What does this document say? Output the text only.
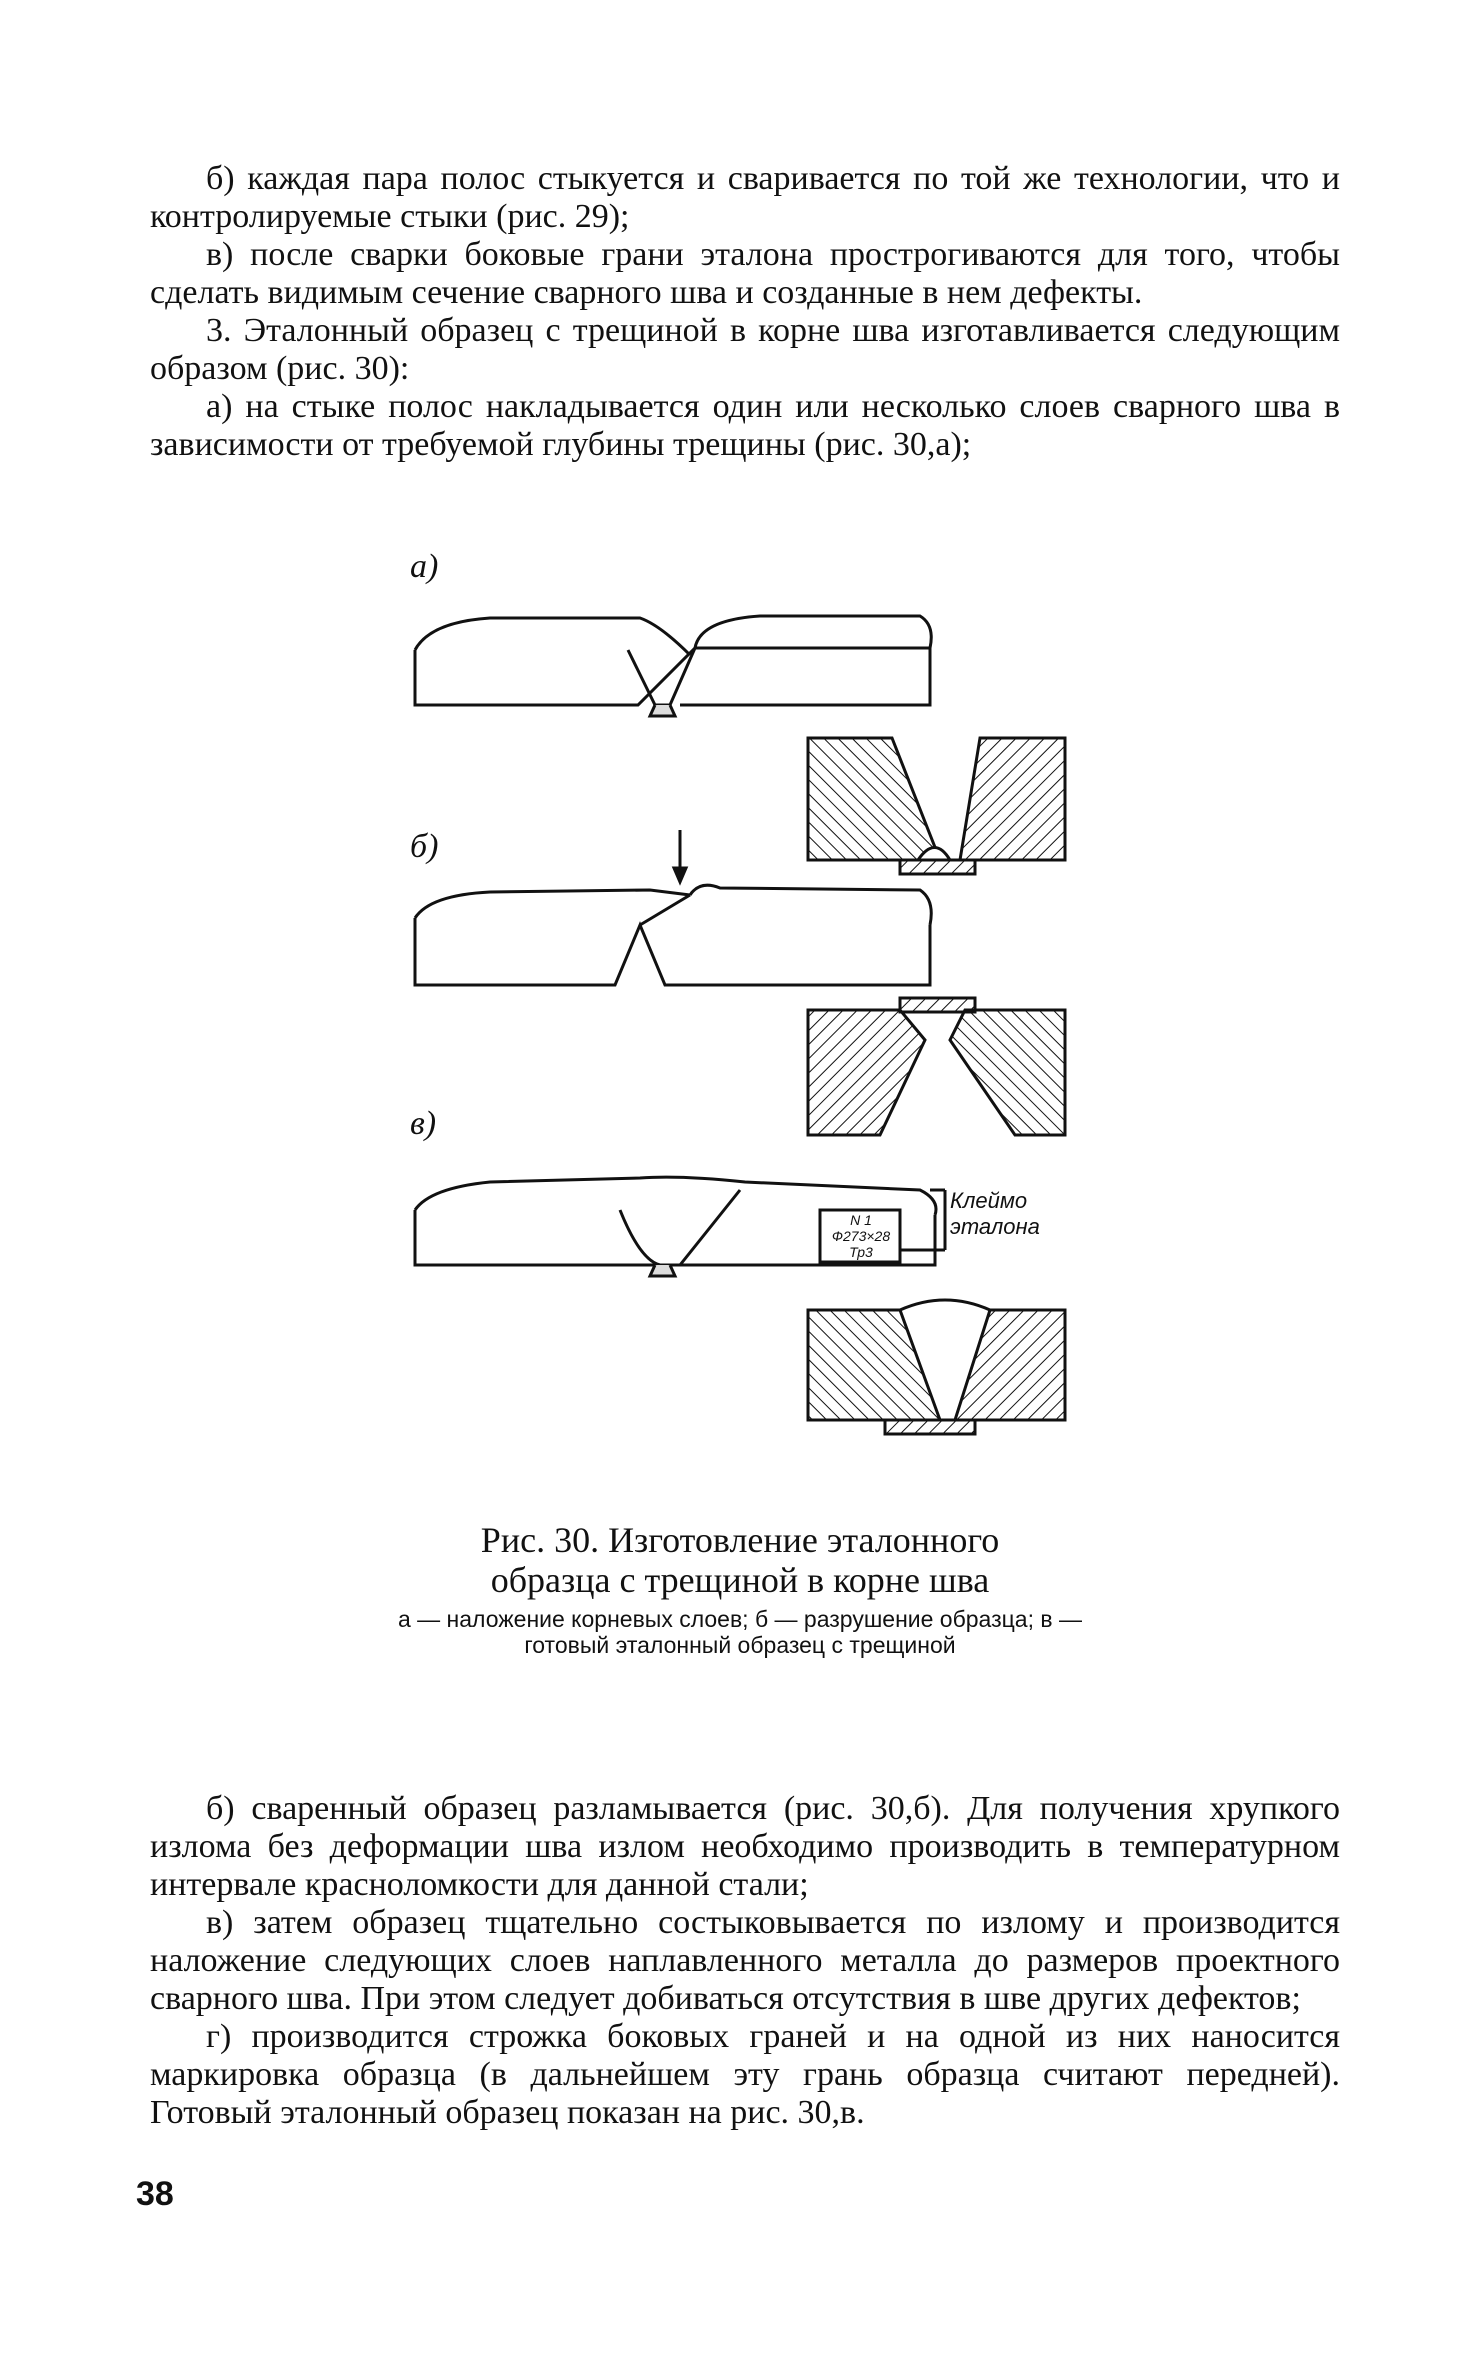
б) каждая пара полос стыкуется и сваривается по той же технологии, что и контролируемые стыки (рис. 29);

в) после сварки боковые грани эталона прострогиваются для того, чтобы сделать видимым сечение сварного шва и созданные в нем дефекты.

3. Эталонный образец с трещиной в корне шва изготавливается следующим образом (рис. 30):

а) на стыке полос накладывается один или несколько слоев сварного шва в зависимости от требуемой глубины трещины (рис. 30,а);

а)
б)
в)
N 1
Ф273×28
Тр3
Клеймо
эталона
Рис. 30. Изготовление эталонного
образца с трещиной в корне шва
а — наложение корневых слоев; б — разрушение образца; в — готовый эталонный образец с трещиной

б) сваренный образец разламывается (рис. 30,б). Для получения хрупкого излома без деформации шва излом необходимо производить в температурном интервале красноломкости для данной стали;

в) затем образец тщательно состыковывается по излому и производится наложение следующих слоев наплавленного металла до размеров проектного сварного шва. При этом следует добиваться отсутствия в шве других дефектов;

г) производится строжка боковых граней и на одной из них наносится маркировка образца (в дальнейшем эту грань образца считают передней). Готовый эталонный образец показан на рис. 30,в.

38
